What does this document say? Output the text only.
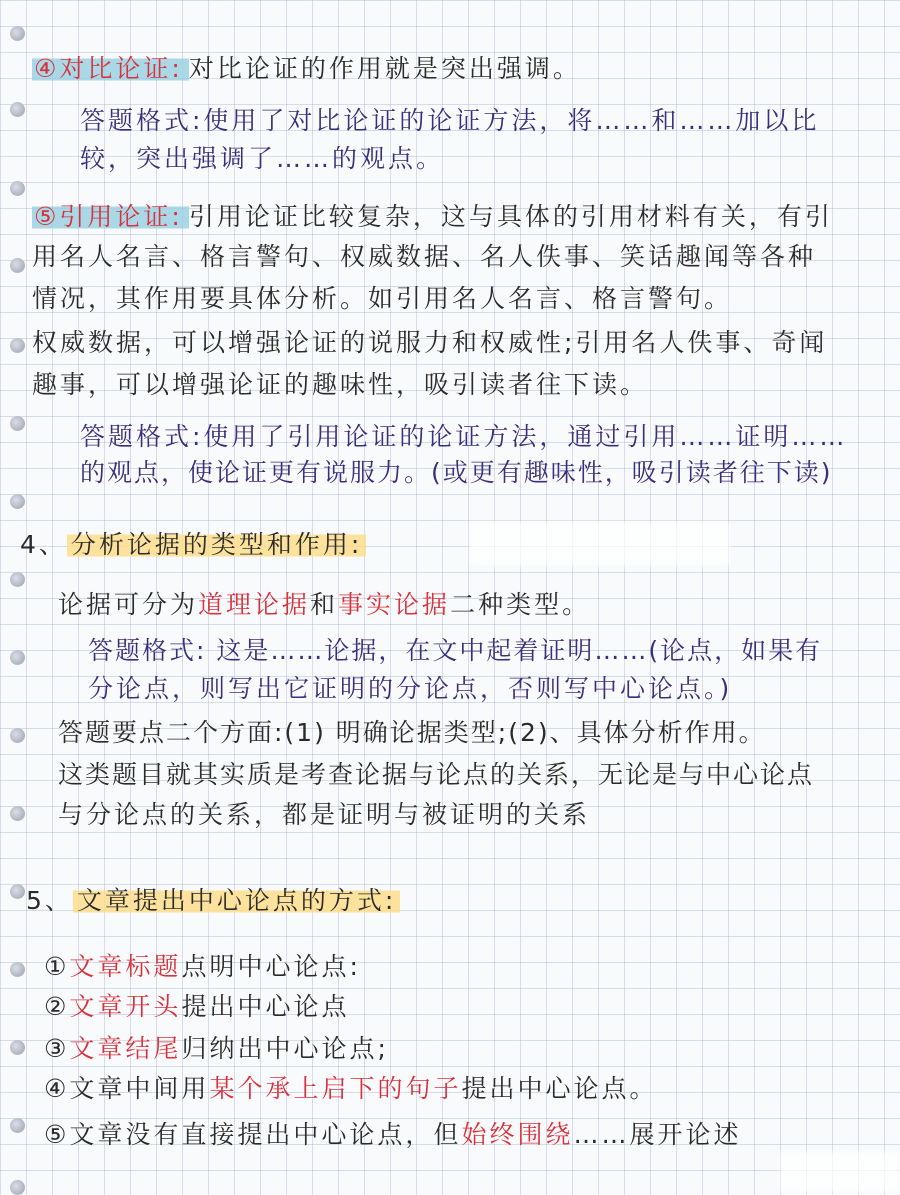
④对比论证: 对比论证的作用就是突出强调。
答题格式:使用了对比论证的论证方法，将……和……加以比
较，突出强调了……的观点。
⑤引用论证: 引用论证比较复杂，这与具体的引用材料有关，有引
用名人名言、格言警句、权威数据、名人佚事、笑话趣闻等各种
情况，其作用要具体分析。如引用名人名言、格言警句。
权威数据，可以增强论证的说服力和权威性;引用名人佚事、奇闻
趣事，可以增强论证的趣味性，吸引读者往下读。
答题格式:使用了引用论证的论证方法，通过引用……证明……
的观点，使论证更有说服力。(或更有趣味性，吸引读者往下读)
4、 分析论据的类型和作用:
论据可分为道理论据和事实论据二种类型。
答题格式: 这是……论据，在文中起着证明……(论点，如果有
分论点，则写出它证明的分论点，否则写中心论点。)
答题要点二个方面:(1) 明确论据类型;(2)、具体分析作用。
这类题目就其实质是考查论据与论点的关系，无论是与中心论点
与分论点的关系，都是证明与被证明的关系
5、 文章提出中心论点的方式:
①文章标题点明中心论点:
②文章开头提出中心论点
③文章结尾归纳出中心论点;
④文章中间用某个承上启下的句子提出中心论点。
⑤文章没有直接提出中心论点，但始终围绕……展开论述
